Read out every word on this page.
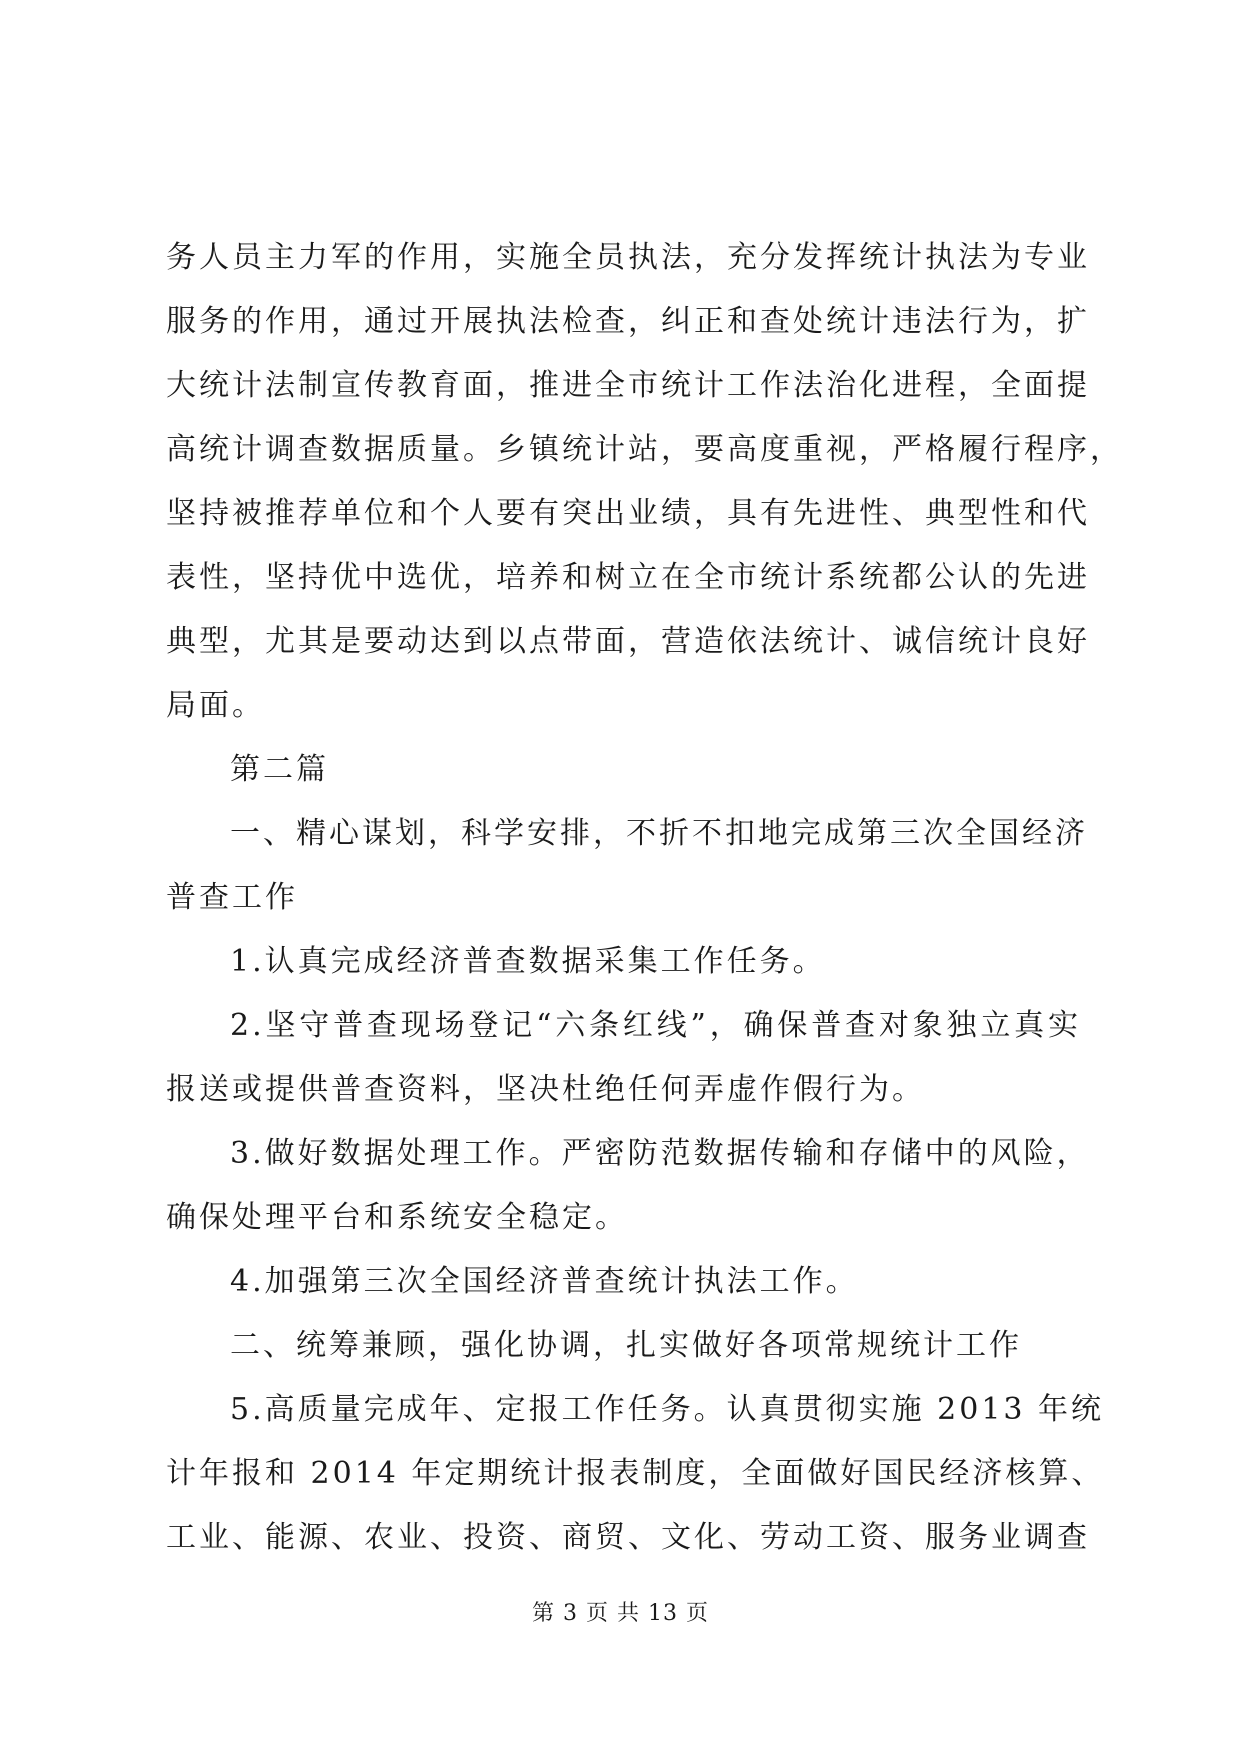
务人员主力军的作用，实施全员执法，充分发挥统计执法为专业
服务的作用，通过开展执法检查，纠正和查处统计违法行为，扩
大统计法制宣传教育面，推进全市统计工作法治化进程，全面提
高统计调查数据质量。乡镇统计站，要高度重视，严格履行程序，
坚持被推荐单位和个人要有突出业绩，具有先进性、典型性和代
表性，坚持优中选优，培养和树立在全市统计系统都公认的先进
典型，尤其是要动达到以点带面，营造依法统计、诚信统计良好
局面。
第二篇
一、精心谋划，科学安排，不折不扣地完成第三次全国经济
普查工作
1.认真完成经济普查数据采集工作任务。
2.坚守普查现场登记“六条红线”，确保普查对象独立真实
报送或提供普查资料，坚决杜绝任何弄虚作假行为。
3.做好数据处理工作。严密防范数据传输和存储中的风险，
确保处理平台和系统安全稳定。
4.加强第三次全国经济普查统计执法工作。
二、统筹兼顾，强化协调，扎实做好各项常规统计工作
5.高质量完成年、定报工作任务。认真贯彻实施 2013 年统
计年报和 2014 年定期统计报表制度，全面做好国民经济核算、
工业、能源、农业、投资、商贸、文化、劳动工资、服务业调查
第 3 页 共 13 页
